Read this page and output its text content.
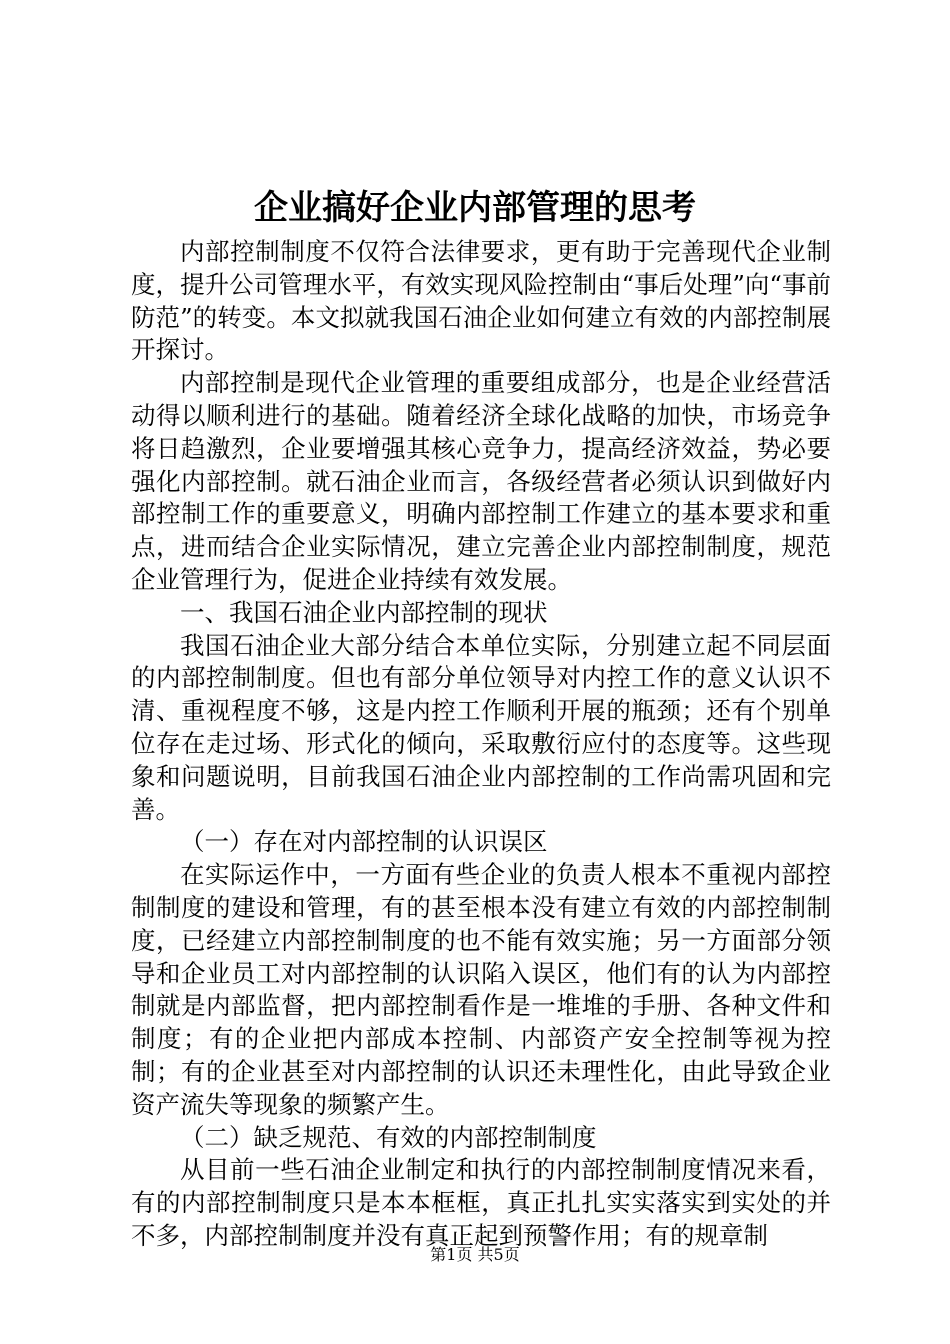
企业搞好企业内部管理的思考

内部控制制度不仅符合法律要求，更有助于完善现代企业制度，提升公司管理水平，有效实现风险控制由“事后处理”向“事前防范”的转变。本文拟就我国石油企业如何建立有效的内部控制展开探讨。

内部控制是现代企业管理的重要组成部分，也是企业经营活动得以顺利进行的基础。随着经济全球化战略的加快，市场竞争将日趋激烈，企业要增强其核心竞争力，提高经济效益，势必要强化内部控制。就石油企业而言，各级经营者必须认识到做好内部控制工作的重要意义，明确内部控制工作建立的基本要求和重点，进而结合企业实际情况，建立完善企业内部控制制度，规范企业管理行为，促进企业持续有效发展。

一、我国石油企业内部控制的现状

我国石油企业大部分结合本单位实际，分别建立起不同层面的内部控制制度。但也有部分单位领导对内控工作的意义认识不清、重视程度不够，这是内控工作顺利开展的瓶颈；还有个别单位存在走过场、形式化的倾向，采取敷衍应付的态度等。这些现象和问题说明，目前我国石油企业内部控制的工作尚需巩固和完善。

（一）存在对内部控制的认识误区

在实际运作中，一方面有些企业的负责人根本不重视内部控制制度的建设和管理，有的甚至根本没有建立有效的内部控制制度，已经建立内部控制制度的也不能有效实施；另一方面部分领导和企业员工对内部控制的认识陷入误区，他们有的认为内部控制就是内部监督，把内部控制看作是一堆堆的手册、各种文件和制度；有的企业把内部成本控制、内部资产安全控制等视为控制；有的企业甚至对内部控制的认识还未理性化，由此导致企业资产流失等现象的频繁产生。

（二）缺乏规范、有效的内部控制制度

从目前一些石油企业制定和执行的内部控制制度情况来看，有的内部控制制度只是本本框框，真正扎扎实实落实到实处的并不多，内部控制制度并没有真正起到预警作用；有的规章制

第1页 共5页
